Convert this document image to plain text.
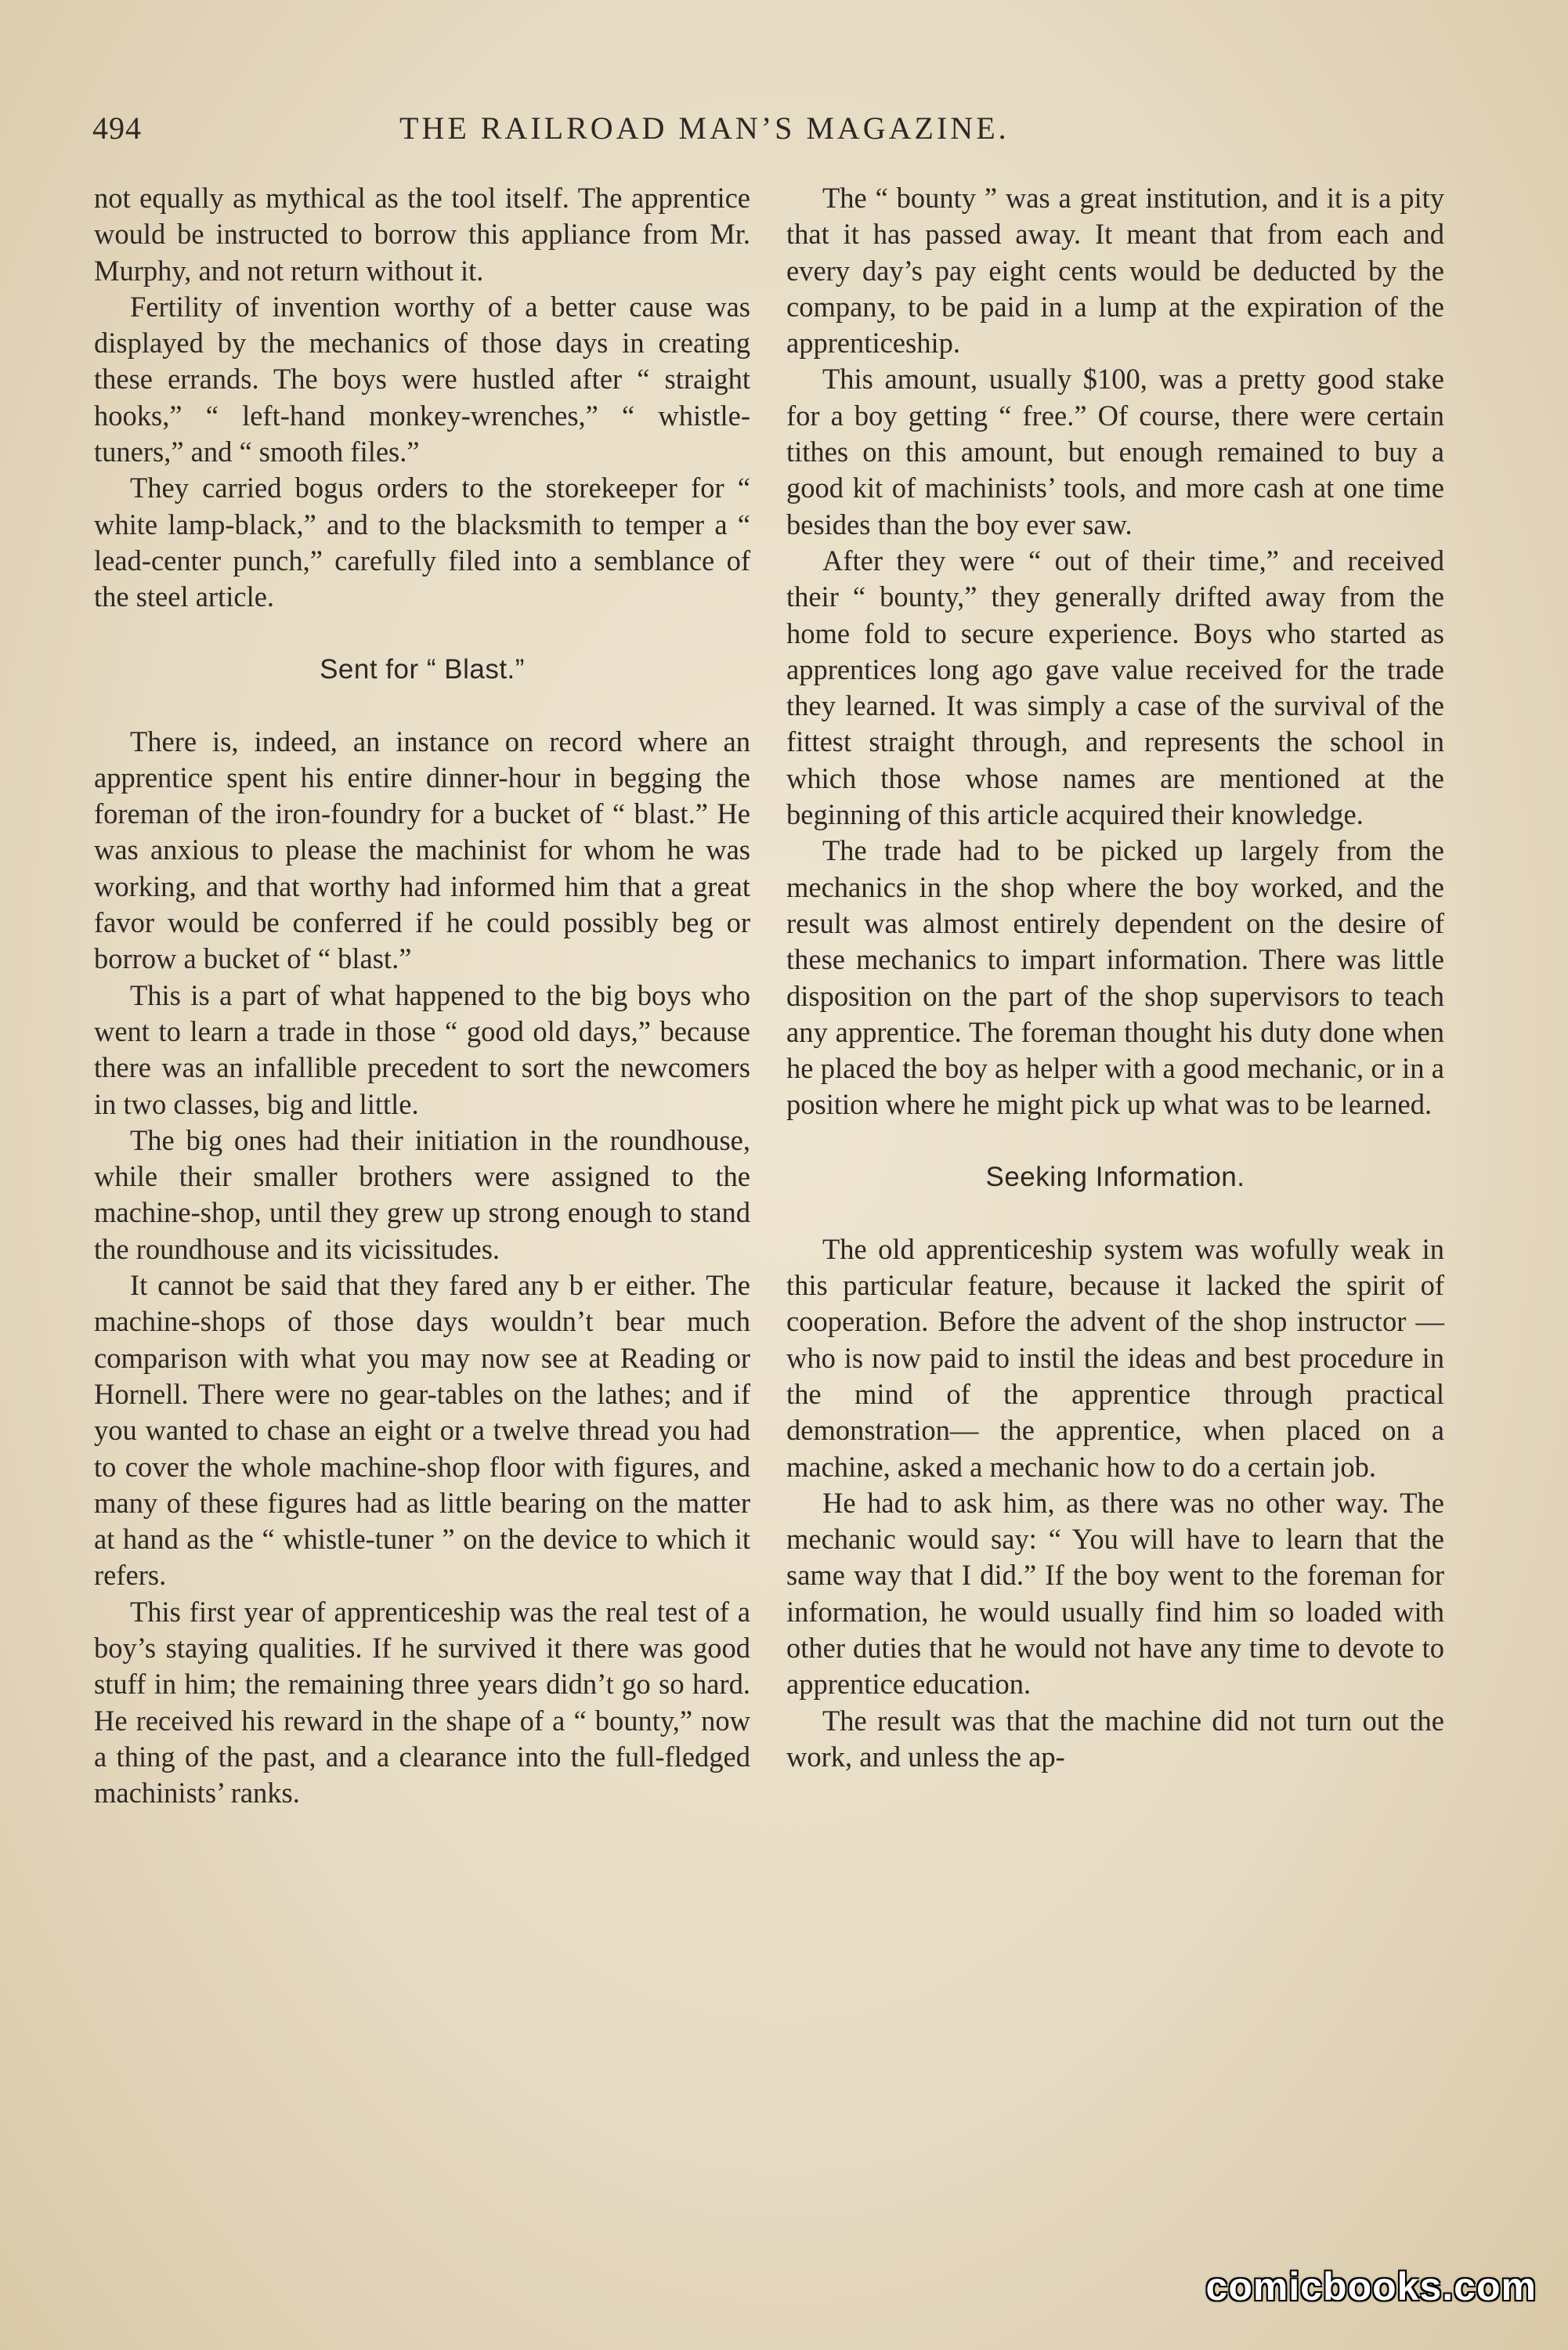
494	THE RAILROAD MAN’S MAGAZINE.

not equally as mythical as the tool itself. The apprentice would be instructed to borrow this appliance from Mr. Murphy, and not return without it.

Fertility of invention worthy of a better cause was displayed by the mechanics of those days in creating these errands. The boys were hustled after “ straight hooks,” “ left-hand monkey-wrenches,” “ whistle-tuners,” and “ smooth files.”

They carried bogus orders to the storekeeper for “ white lamp-black,” and to the blacksmith to temper a “ lead-center punch,” carefully filed into a semblance of the steel article.

Sent for “ Blast.”

There is, indeed, an instance on record where an apprentice spent his entire dinner-hour in begging the foreman of the iron-foundry for a bucket of “ blast.” He was anxious to please the machinist for whom he was working, and that worthy had informed him that a great favor would be conferred if he could possibly beg or borrow a bucket of “ blast.”

This is a part of what happened to the big boys who went to learn a trade in those “ good old days,” because there was an infallible precedent to sort the newcomers in two classes, big and little.

The big ones had their initiation in the roundhouse, while their smaller brothers were assigned to the machine-shop, until they grew up strong enough to stand the roundhouse and its vicissitudes.

It cannot be said that they fared any b er either. The machine-shops of those days wouldn’t bear much comparison with what you may now see at Reading or Hornell. There were no gear-tables on the lathes; and if you wanted to chase an eight or a twelve thread you had to cover the whole machine-shop floor with figures, and many of these figures had as little bearing on the matter at hand as the “ whistle-tuner ” on the device to which it refers.

This first year of apprenticeship was the real test of a boy’s staying qualities. If he survived it there was good stuff in him; the remaining three years didn’t go so hard. He received his reward in the shape of a “ bounty,” now a thing of the past, and a clearance into the full-fledged machinists’ ranks.

The “ bounty ” was a great institution, and it is a pity that it has passed away. It meant that from each and every day’s pay eight cents would be deducted by the company, to be paid in a lump at the expiration of the apprenticeship.

This amount, usually $100, was a pretty good stake for a boy getting “ free.” Of course, there were certain tithes on this amount, but enough remained to buy a good kit of machinists’ tools, and more cash at one time besides than the boy ever saw.

After they were “ out of their time,” and received their “ bounty,” they generally drifted away from the home fold to secure experience. Boys who started as apprentices long ago gave value received for the trade they learned. It was simply a case of the survival of the fittest straight through, and represents the school in which those whose names are mentioned at the beginning of this article acquired their knowledge.

The trade had to be picked up largely from the mechanics in the shop where the boy worked, and the result was almost entirely dependent on the desire of these mechanics to impart information. There was little disposition on the part of the shop supervisors to teach any apprentice. The foreman thought his duty done when he placed the boy as helper with a good mechanic, or in a position where he might pick up what was to be learned.

Seeking Information.

The old apprenticeship system was wofully weak in this particular feature, because it lacked the spirit of cooperation. Before the advent of the shop instructor —who is now paid to instil the ideas and best procedure in the mind of the apprentice through practical demonstration— the apprentice, when placed on a machine, asked a mechanic how to do a certain job.

He had to ask him, as there was no other way. The mechanic would say: “ You will have to learn that the same way that I did.” If the boy went to the foreman for information, he would usually find him so loaded with other duties that he would not have any time to devote to apprentice education.

The result was that the machine did not turn out the work, and unless the ap-

comicbooks.com
